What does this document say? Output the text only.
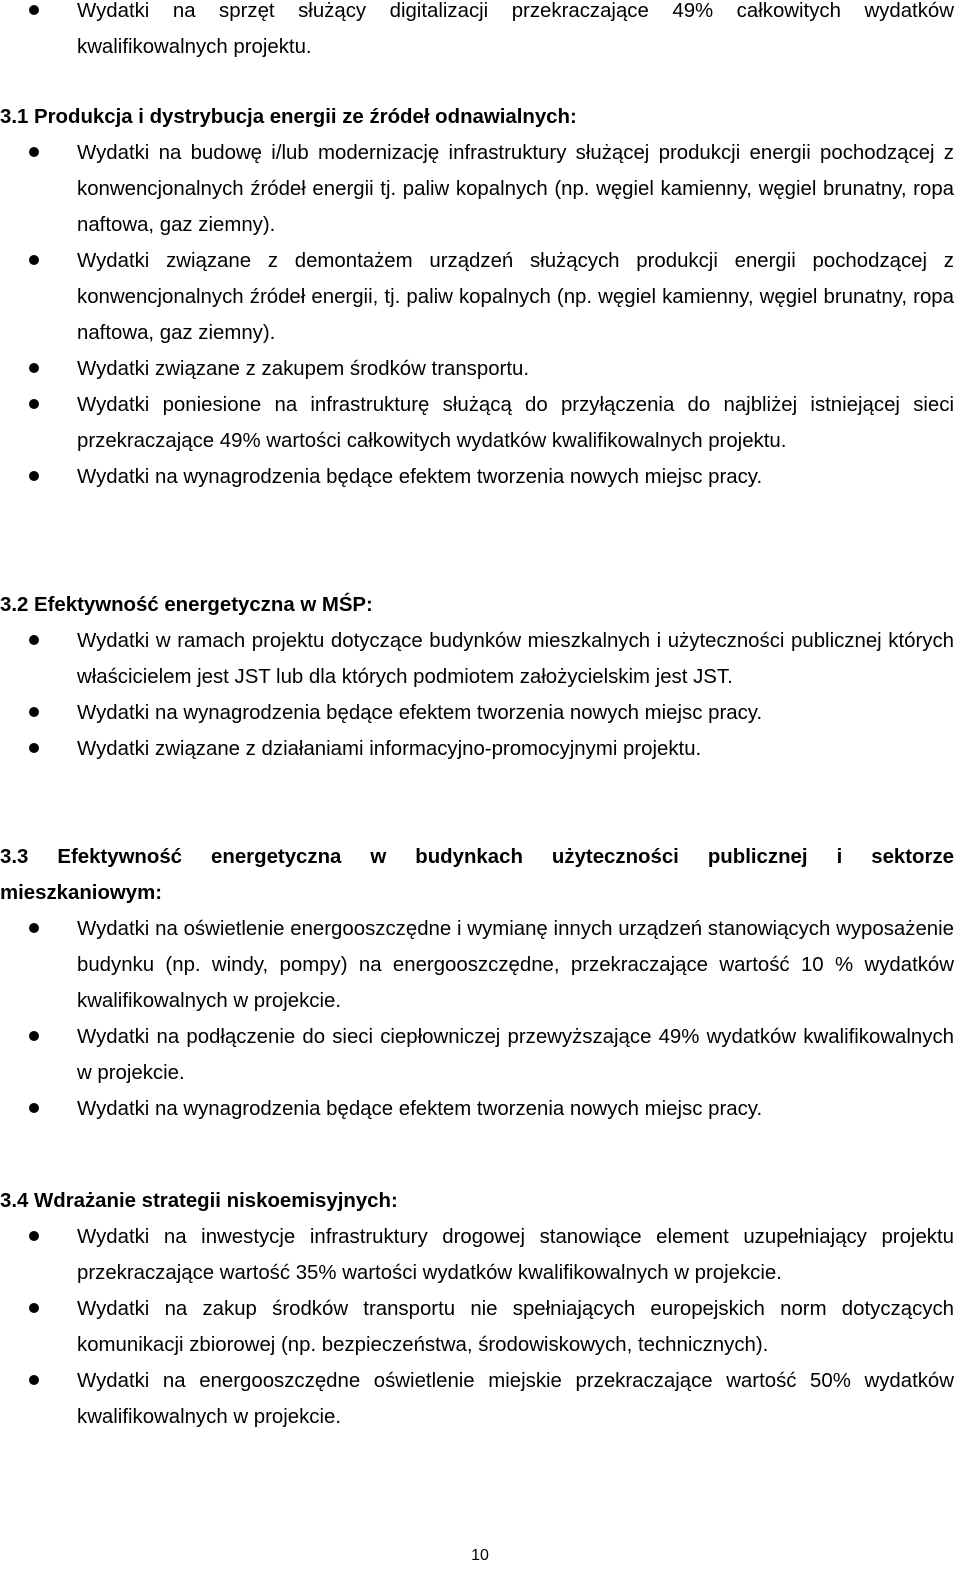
Wydatki na sprzęt służący digitalizacji przekraczające 49% całkowitych wydatków kwalifikowalnych projektu.
3.1 Produkcja i dystrybucja energii ze źródeł odnawialnych:
Wydatki na budowę i/lub modernizację infrastruktury służącej produkcji energii pochodzącej z konwencjonalnych źródeł energii tj. paliw kopalnych (np. węgiel kamienny, węgiel brunatny, ropa naftowa, gaz ziemny).
Wydatki związane z demontażem urządzeń służących produkcji energii pochodzącej z konwencjonalnych źródeł energii, tj. paliw kopalnych (np. węgiel kamienny, węgiel brunatny, ropa naftowa, gaz ziemny).
Wydatki związane z zakupem środków transportu.
Wydatki poniesione na infrastrukturę służącą do przyłączenia do najbliżej istniejącej sieci przekraczające 49% wartości całkowitych wydatków kwalifikowalnych projektu.
Wydatki na wynagrodzenia będące efektem tworzenia nowych miejsc pracy.
3.2 Efektywność energetyczna w MŚP:
Wydatki w ramach projektu dotyczące budynków mieszkalnych i użyteczności publicznej których właścicielem jest JST lub dla których podmiotem założycielskim jest JST.
Wydatki na wynagrodzenia będące efektem tworzenia nowych miejsc pracy.
Wydatki związane z działaniami informacyjno-promocyjnymi projektu.
3.3 Efektywność energetyczna w budynkach użyteczności publicznej i sektorze mieszkaniowym:
Wydatki na oświetlenie energooszczędne i wymianę innych urządzeń stanowiących wyposażenie budynku (np. windy, pompy) na energooszczędne, przekraczające wartość 10 % wydatków kwalifikowalnych w projekcie.
Wydatki na podłączenie do sieci ciepłowniczej przewyższające 49% wydatków kwalifikowalnych w projekcie.
Wydatki na wynagrodzenia będące efektem tworzenia nowych miejsc pracy.
3.4 Wdrażanie strategii niskoemisyjnych:
Wydatki na inwestycje infrastruktury drogowej stanowiące element uzupełniający projektu przekraczające wartość 35% wartości wydatków kwalifikowalnych w projekcie.
Wydatki na zakup środków transportu nie spełniających europejskich norm dotyczących komunikacji zbiorowej (np. bezpieczeństwa, środowiskowych, technicznych).
Wydatki na energooszczędne oświetlenie miejskie przekraczające wartość 50% wydatków kwalifikowalnych w projekcie.
10
